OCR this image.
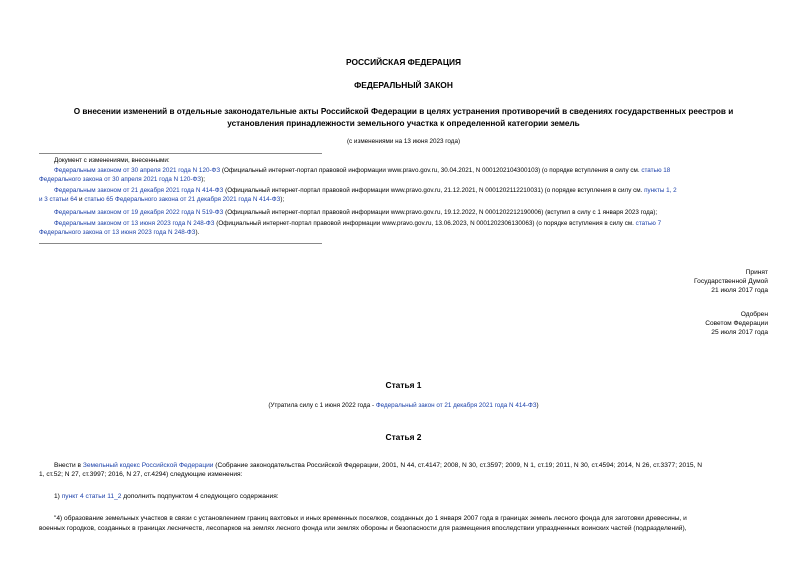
РОССИЙСКАЯ ФЕДЕРАЦИЯ
ФЕДЕРАЛЬНЫЙ ЗАКОН
О внесении изменений в отдельные законодательные акты Российской Федерации в целях устранения противоречий в сведениях государственных реестров и
установления принадлежности земельного участка к определенной категории земель
(с изменениями на 13 июня 2023 года)
Документ с изменениями, внесенными:
Федеральным законом от 30 апреля 2021 года N 120-ФЗ (Официальный интернет-портал правовой информации www.pravo.gov.ru, 30.04.2021, N 0001202104300103) (о порядке вступления в силу см. статью 18
Федерального закона от 30 апреля 2021 года N 120-ФЗ);
Федеральным законом от 21 декабря 2021 года N 414-ФЗ (Официальный интернет-портал правовой информации www.pravo.gov.ru, 21.12.2021, N 0001202112210031) (о порядке вступления в силу см. пункты 1, 2
и 3 статьи 64 и статью 65 Федерального закона от 21 декабря 2021 года N 414-ФЗ);
Федеральным законом от 19 декабря 2022 года N 519-ФЗ (Официальный интернет-портал правовой информации www.pravo.gov.ru, 19.12.2022, N 0001202212190006) (вступил в силу с 1 января 2023 года);
Федеральным законом от 13 июня 2023 года N 248-ФЗ (Официальный интернет-портал правовой информации www.pravo.gov.ru, 13.06.2023, N 0001202306130063) (о порядке вступления в силу см. статью 7
Федерального закона от 13 июня 2023 года N 248-ФЗ).
Принят
Государственной Думой
21 июля 2017 года
Одобрен
Советом Федерации
25 июля 2017 года
Статья 1
(Утратила силу с 1 июня 2022 года - Федеральный закон от 21 декабря 2021 года N 414-ФЗ)
Статья 2
Внести в Земельный кодекс Российской Федерации (Собрание законодательства Российской Федерации, 2001, N 44, ст.4147; 2008, N 30, ст.3597; 2009, N 1, ст.19; 2011, N 30, ст.4594; 2014, N 26, ст.3377; 2015, N
1, ст.52; N 27, ст.3997; 2016, N 27, ст.4294) следующие изменения:
1) пункт 4 статьи 11_2 дополнить подпунктом 4 следующего содержания:
"4) образование земельных участков в связи с установлением границ вахтовых и иных временных поселков, созданных до 1 января 2007 года в границах земель лесного фонда для заготовки древесины, и
военных городков, созданных в границах лесничеств, лесопарков на землях лесного фонда или землях обороны и безопасности для размещения впоследствии упраздненных воинских частей (подразделений),
